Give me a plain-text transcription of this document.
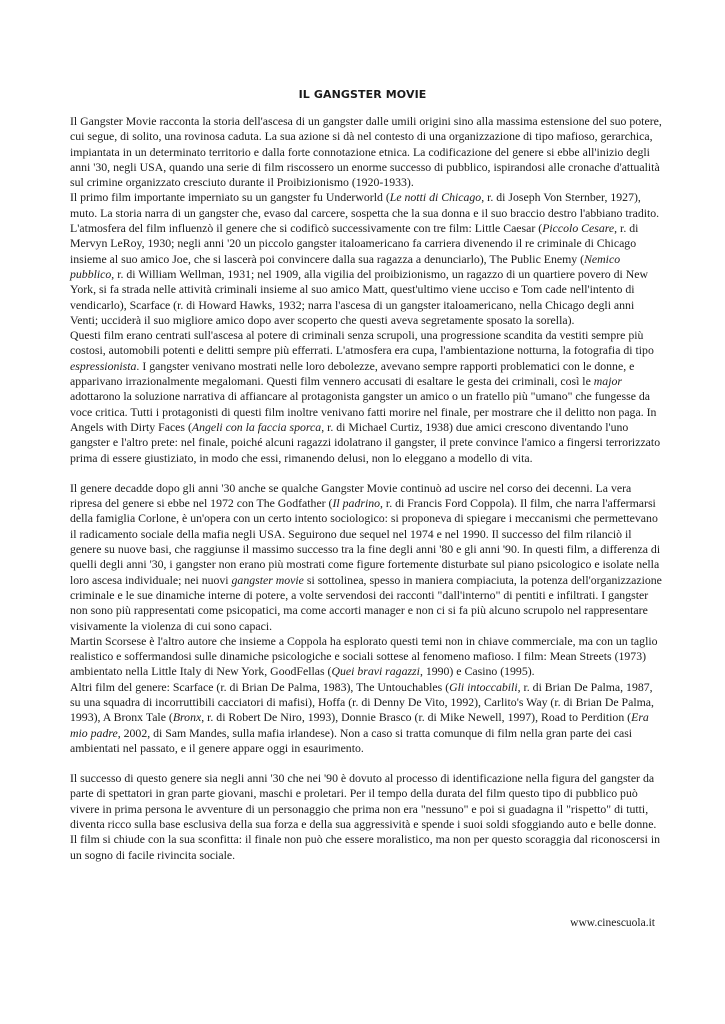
IL GANGSTER MOVIE

Il Gangster Movie racconta la storia dell'ascesa di un gangster dalle umili origini sino alla massima estensione del suo potere, cui segue, di solito, una rovinosa caduta. La sua azione si dà nel contesto di una organizzazione di tipo mafioso, gerarchica, impiantata in un determinato territorio e dalla forte connotazione etnica. La codificazione del genere si ebbe all'inizio degli anni '30, negli USA, quando una serie di film riscossero un enorme successo di pubblico, ispirandosi alle cronache d'attualità sul crimine organizzato cresciuto durante il Proibizionismo (1920-1933).

Il primo film importante imperniato su un gangster fu Underworld (Le notti di Chicago, r. di Joseph Von Sternber, 1927), muto. La storia narra di un gangster che, evaso dal carcere, sospetta che la sua donna e il suo braccio destro l'abbiano tradito. L'atmosfera del film influenzò il genere che si codificò successivamente con tre film: Little Caesar (Piccolo Cesare, r. di Mervyn LeRoy, 1930; negli anni '20 un piccolo gangster italoamericano fa carriera divenendo il re criminale di Chicago insieme al suo amico Joe, che si lascerà poi convincere dalla sua ragazza a denunciarlo), The Public Enemy (Nemico pubblico, r. di William Wellman, 1931; nel 1909, alla vigilia del proibizionismo, un ragazzo di un quartiere povero di New York, si fa strada nelle attività criminali insieme al suo amico Matt, quest'ultimo viene ucciso e Tom cade nell'intento di vendicarlo), Scarface (r. di Howard Hawks, 1932; narra l'ascesa di un gangster italoamericano, nella Chicago degli anni Venti; ucciderà il suo migliore amico dopo aver scoperto che questi aveva segretamente sposato la sorella).

Questi film erano centrati sull'ascesa al potere di criminali senza scrupoli, una progressione scandita da vestiti sempre più costosi, automobili potenti e delitti sempre più efferrati. L'atmosfera era cupa, l'ambientazione notturna, la fotografia di tipo espressionista. I gangster venivano mostrati nelle loro debolezze, avevano sempre rapporti problematici con le donne, e apparivano irrazionalmente megalomani. Questi film vennero accusati di esaltare le gesta dei criminali, così le major adottarono la soluzione narrativa di affiancare al protagonista gangster un amico o un fratello più "umano" che fungesse da voce critica. Tutti i protagonisti di questi film inoltre venivano fatti morire nel finale, per mostrare che il delitto non paga. In Angels with Dirty Faces (Angeli con la faccia sporca, r. di Michael Curtiz, 1938) due amici crescono diventando l'uno gangster e l'altro prete: nel finale, poiché alcuni ragazzi idolatrano il gangster, il prete convince l'amico a fingersi terrorizzato prima di essere giustiziato, in modo che essi, rimanendo delusi, non lo eleggano a modello di vita.

Il genere decadde dopo gli anni '30 anche se qualche Gangster Movie continuò ad uscire nel corso dei decenni. La vera ripresa del genere si ebbe nel 1972 con The Godfather (Il padrino, r. di Francis Ford Coppola). Il film, che narra l'affermarsi della famiglia Corlone, è un'opera con un certo intento sociologico: si proponeva di spiegare i meccanismi che permettevano il radicamento sociale della mafia negli USA. Seguirono due sequel nel 1974 e nel 1990. Il successo del film rilanciò il genere su nuove basi, che raggiunse il massimo successo tra la fine degli anni '80 e gli anni '90. In questi film, a differenza di quelli degli anni '30, i gangster non erano più mostrati come figure fortemente disturbate sul piano psicologico e isolate nella loro ascesa individuale; nei nuovi gangster movie si sottolinea, spesso in maniera compiaciuta, la potenza dell'organizzazione criminale e le sue dinamiche interne di potere, a volte servendosi dei racconti "dall'interno" di pentiti e infiltrati. I gangster non sono più rappresentati come psicopatici, ma come accorti manager e non ci si fa più alcuno scrupolo nel rappresentare visivamente la violenza di cui sono capaci.

Martin Scorsese è l'altro autore che insieme a Coppola ha esplorato questi temi non in chiave commerciale, ma con un taglio realistico e soffermandosi sulle dinamiche psicologiche e sociali sottese al fenomeno mafioso. I film: Mean Streets (1973) ambientato nella Little Italy di New York, GoodFellas (Quei bravi ragazzi, 1990) e Casino (1995).

Altri film del genere: Scarface (r. di Brian De Palma, 1983), The Untouchables (Gli intoccabili, r. di Brian De Palma, 1987, su una squadra di incorruttibili cacciatori di mafisi), Hoffa (r. di Denny De Vito, 1992), Carlito's Way (r. di Brian De Palma, 1993), A Bronx Tale (Bronx, r. di Robert De Niro, 1993), Donnie Brasco (r. di Mike Newell, 1997), Road to Perdition (Era mio padre, 2002, di Sam Mandes, sulla mafia irlandese). Non a caso si tratta comunque di film nella gran parte dei casi ambientati nel passato, e il genere appare oggi in esaurimento.

Il successo di questo genere sia negli anni '30 che nei '90 è dovuto al processo di identificazione nella figura del gangster da parte di spettatori in gran parte giovani, maschi e proletari. Per il tempo della durata del film questo tipo di pubblico può vivere in prima persona le avventure di un personaggio che prima non era "nessuno" e poi si guadagna il "rispetto" di tutti, diventa ricco sulla base esclusiva della sua forza e della sua aggressività e spende i suoi soldi sfoggiando auto e belle donne. Il film si chiude con la sua sconfitta: il finale non può che essere moralistico, ma non per questo scoraggia dal riconoscersi in un sogno di facile rivincita sociale.

www.cinescuola.it
